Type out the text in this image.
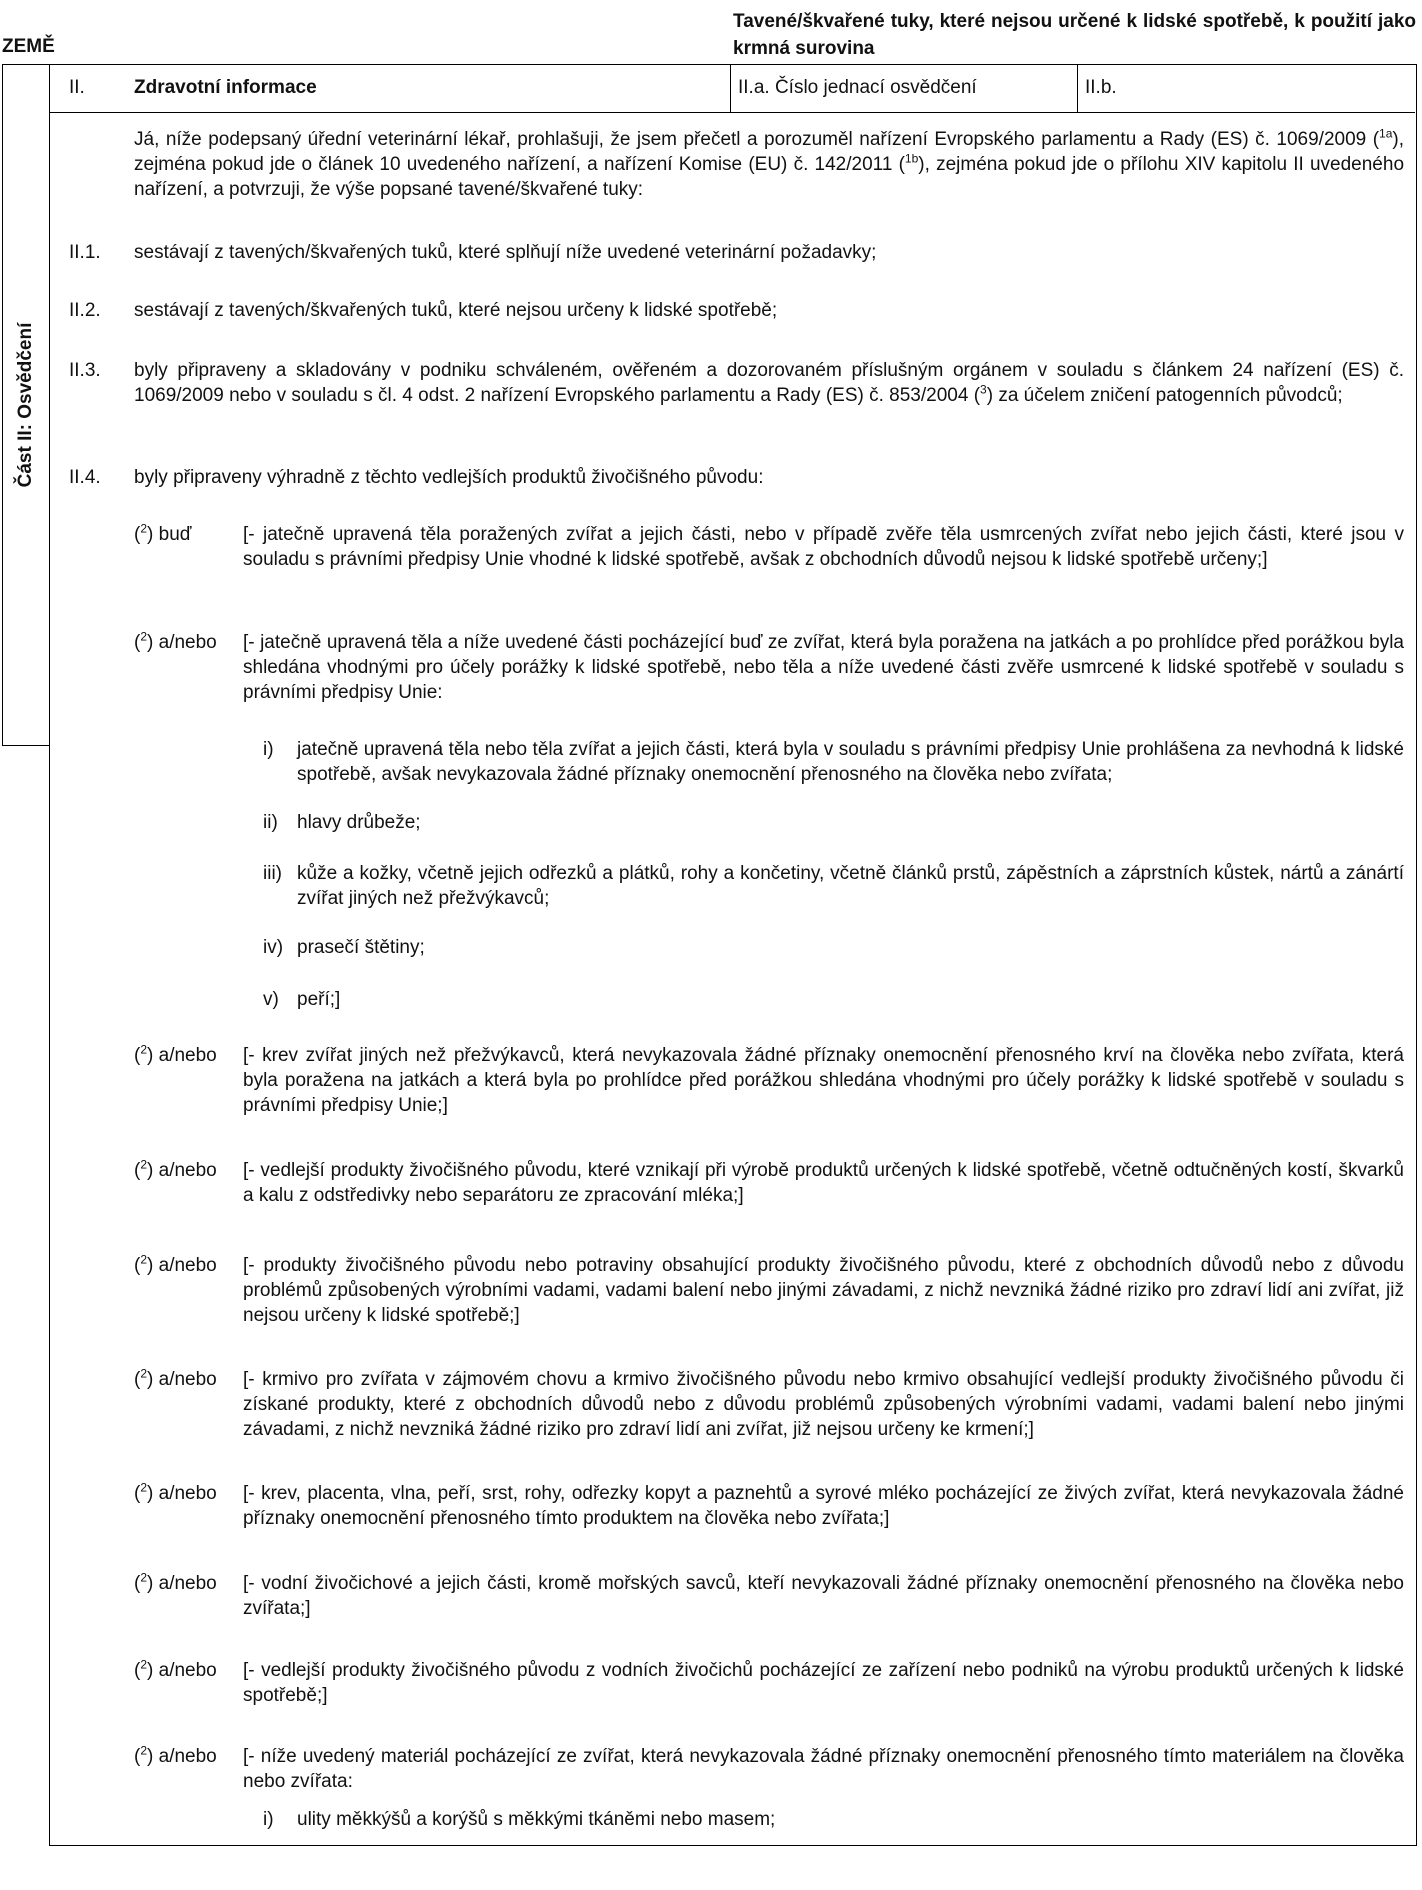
ZEMĚ
Tavené/škvařené tuky, které nejsou určené k lidské spotřebě, k použití jako krmná surovina
Část II: Osvědčení
II.	Zdravotní informace	II.a. Číslo jednací osvědčení	II.b.
Já, níže podepsaný úřední veterinární lékař, prohlašuji, že jsem přečetl a porozuměl nařízení Evropského parlamentu a Rady (ES) č. 1069/2009 ($^{1a}$), zejména pokud jde o článek 10 uvedeného nařízení, a nařízení Komise (EU) č. 142/2011 ($^{1b}$), zejména pokud jde o přílohu XIV kapitolu II uvedeného nařízení, a potvrzuji, že výše popsané tavené/škvařené tuky:
II.1. sestávají z tavených/škvařených tuků, které splňují níže uvedené veterinární požadavky;
II.2. sestávají z tavených/škvařených tuků, které nejsou určeny k lidské spotřebě;
II.3. byly připraveny a skladovány v podniku schváleném, ověřeném a dozorovaném příslušným orgánem v souladu s článkem 24 nařízení (ES) č. 1069/2009 nebo v souladu s čl. 4 odst. 2 nařízení Evropského parlamentu a Rady (ES) č. 853/2004 ($^3$) za účelem zničení patogenních původců;
II.4. byly připraveny výhradně z těchto vedlejších produktů živočišného původu:
($^2$) buď	[- jatečně upravená těla poražených zvířat a jejich části, nebo v případě zvěře těla usmrcených zvířat nebo jejich části, které jsou v souladu s právními předpisy Unie vhodné k lidské spotřebě, avšak z obchodních důvodů nejsou k lidské spotřebě určeny;]
($^2$) a/nebo [- jatečně upravená těla a níže uvedené části pocházející buď ze zvířat, která byla poražena na jatkách a po prohlídce před porážkou byla shledána vhodnými pro účely porážky k lidské spotřebě, nebo těla a níže uvedené části zvěře usmrcené k lidské spotřebě v souladu s právními předpisy Unie:
i) jatečně upravená těla nebo těla zvířat a jejich části, která byla v souladu s právními předpisy Unie prohlášena za nevhodná k lidské spotřebě, avšak nevykazovala žádné příznaky onemocnění přenosného na člověka nebo zvířata;
ii) hlavy drůbeže;
iii) kůže a kožky, včetně jejich odřezků a plátků, rohy a končetiny, včetně článků prstů, zápěstních a záprstních kůstek, nártů a zánártí zvířat jiných než přežvýkavců;
iv) prasečí štětiny;
v) peří;]
($^2$) a/nebo [- krev zvířat jiných než přežvýkavců, která nevykazovala žádné příznaky onemocnění přenosného krví na člověka nebo zvířata, která byla poražena na jatkách a která byla po prohlídce před porážkou shledána vhodnými pro účely porážky k lidské spotřebě v souladu s právními předpisy Unie;]
($^2$) a/nebo [- vedlejší produkty živočišného původu, které vznikají při výrobě produktů určených k lidské spotřebě, včetně odtučněných kostí, škvarků a kalu z odstředivky nebo separátoru ze zpracování mléka;]
($^2$) a/nebo [- produkty živočišného původu nebo potraviny obsahující produkty živočišného původu, které z obchodních důvodů nebo z důvodu problémů způsobených výrobními vadami, vadami balení nebo jinými závadami, z nichž nevzniká žádné riziko pro zdraví lidí ani zvířat, již nejsou určeny k lidské spotřebě;]
($^2$) a/nebo [- krmivo pro zvířata v zájmovém chovu a krmivo živočišného původu nebo krmivo obsahující vedlejší produkty živočišného původu či získané produkty, které z obchodních důvodů nebo z důvodu problémů způsobených výrobními vadami, vadami balení nebo jinými závadami, z nichž nevzniká žádné riziko pro zdraví lidí ani zvířat, již nejsou určeny ke krmení;]
($^2$) a/nebo [- krev, placenta, vlna, peří, srst, rohy, odřezky kopyt a paznehtů a syrové mléko pocházející ze živých zvířat, která nevykazovala žádné příznaky onemocnění přenosného tímto produktem na člověka nebo zvířata;]
($^2$) a/nebo [- vodní živočichové a jejich části, kromě mořských savců, kteří nevykazovali žádné příznaky onemocnění přenosného na člověka nebo zvířata;]
($^2$) a/nebo [- vedlejší produkty živočišného původu z vodních živočichů pocházející ze zařízení nebo podniků na výrobu produktů určených k lidské spotřebě;]
($^2$) a/nebo [- níže uvedený materiál pocházející ze zvířat, která nevykazovala žádné příznaky onemocnění přenosného tímto materiálem na člověka nebo zvířata:
i) ulity měkkýšů a korýšů s měkkými tkáněmi nebo masem;
